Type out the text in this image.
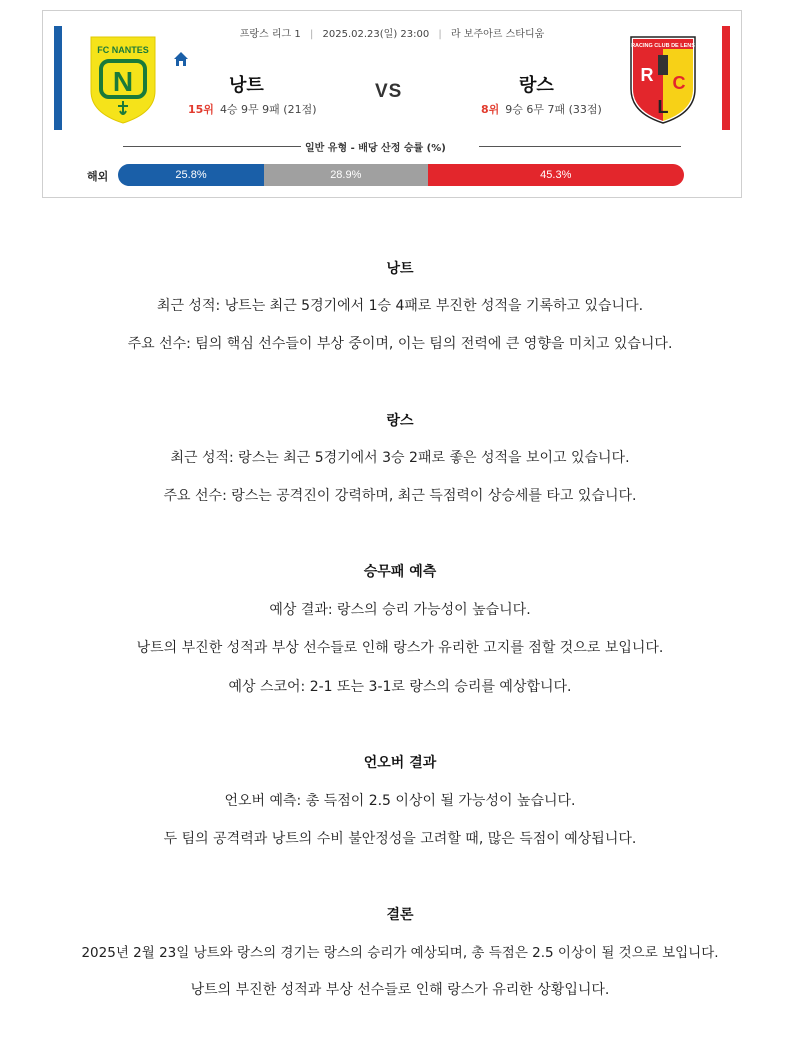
프랑스 리그 1 | 2025.02.23(일) 23:00 | 라 보주아르 스타디움
FC NANTES
N
RACING CLUB DE LENS
R C
L
낭트
15위 4승 9무 9패 (21점)
VS	랑스
8위 9승 6무 7패 (33점)
일반 유형 - 배당 산정 승률 (%)
해외	25.8%	28.9%	45.3%
낭트
최근 성적: 낭트는 최근 5경기에서 1승 4패로 부진한 성적을 기록하고 있습니다.
주요 선수: 팀의 핵심 선수들이 부상 중이며, 이는 팀의 전력에 큰 영향을 미치고 있습니다.
랑스
최근 성적: 랑스는 최근 5경기에서 3승 2패로 좋은 성적을 보이고 있습니다.
주요 선수: 랑스는 공격진이 강력하며, 최근 득점력이 상승세를 타고 있습니다.
승무패 예측
예상 결과: 랑스의 승리 가능성이 높습니다.
낭트의 부진한 성적과 부상 선수들로 인해 랑스가 유리한 고지를 점할 것으로 보입니다.
예상 스코어: 2-1 또는 3-1로 랑스의 승리를 예상합니다.
언오버 결과
언오버 예측: 총 득점이 2.5 이상이 될 가능성이 높습니다.
두 팀의 공격력과 낭트의 수비 불안정성을 고려할 때, 많은 득점이 예상됩니다.
결론
2025년 2월 23일 낭트와 랑스의 경기는 랑스의 승리가 예상되며, 총 득점은 2.5 이상이 될 것으로 보입니다.
낭트의 부진한 성적과 부상 선수들로 인해 랑스가 유리한 상황입니다.
